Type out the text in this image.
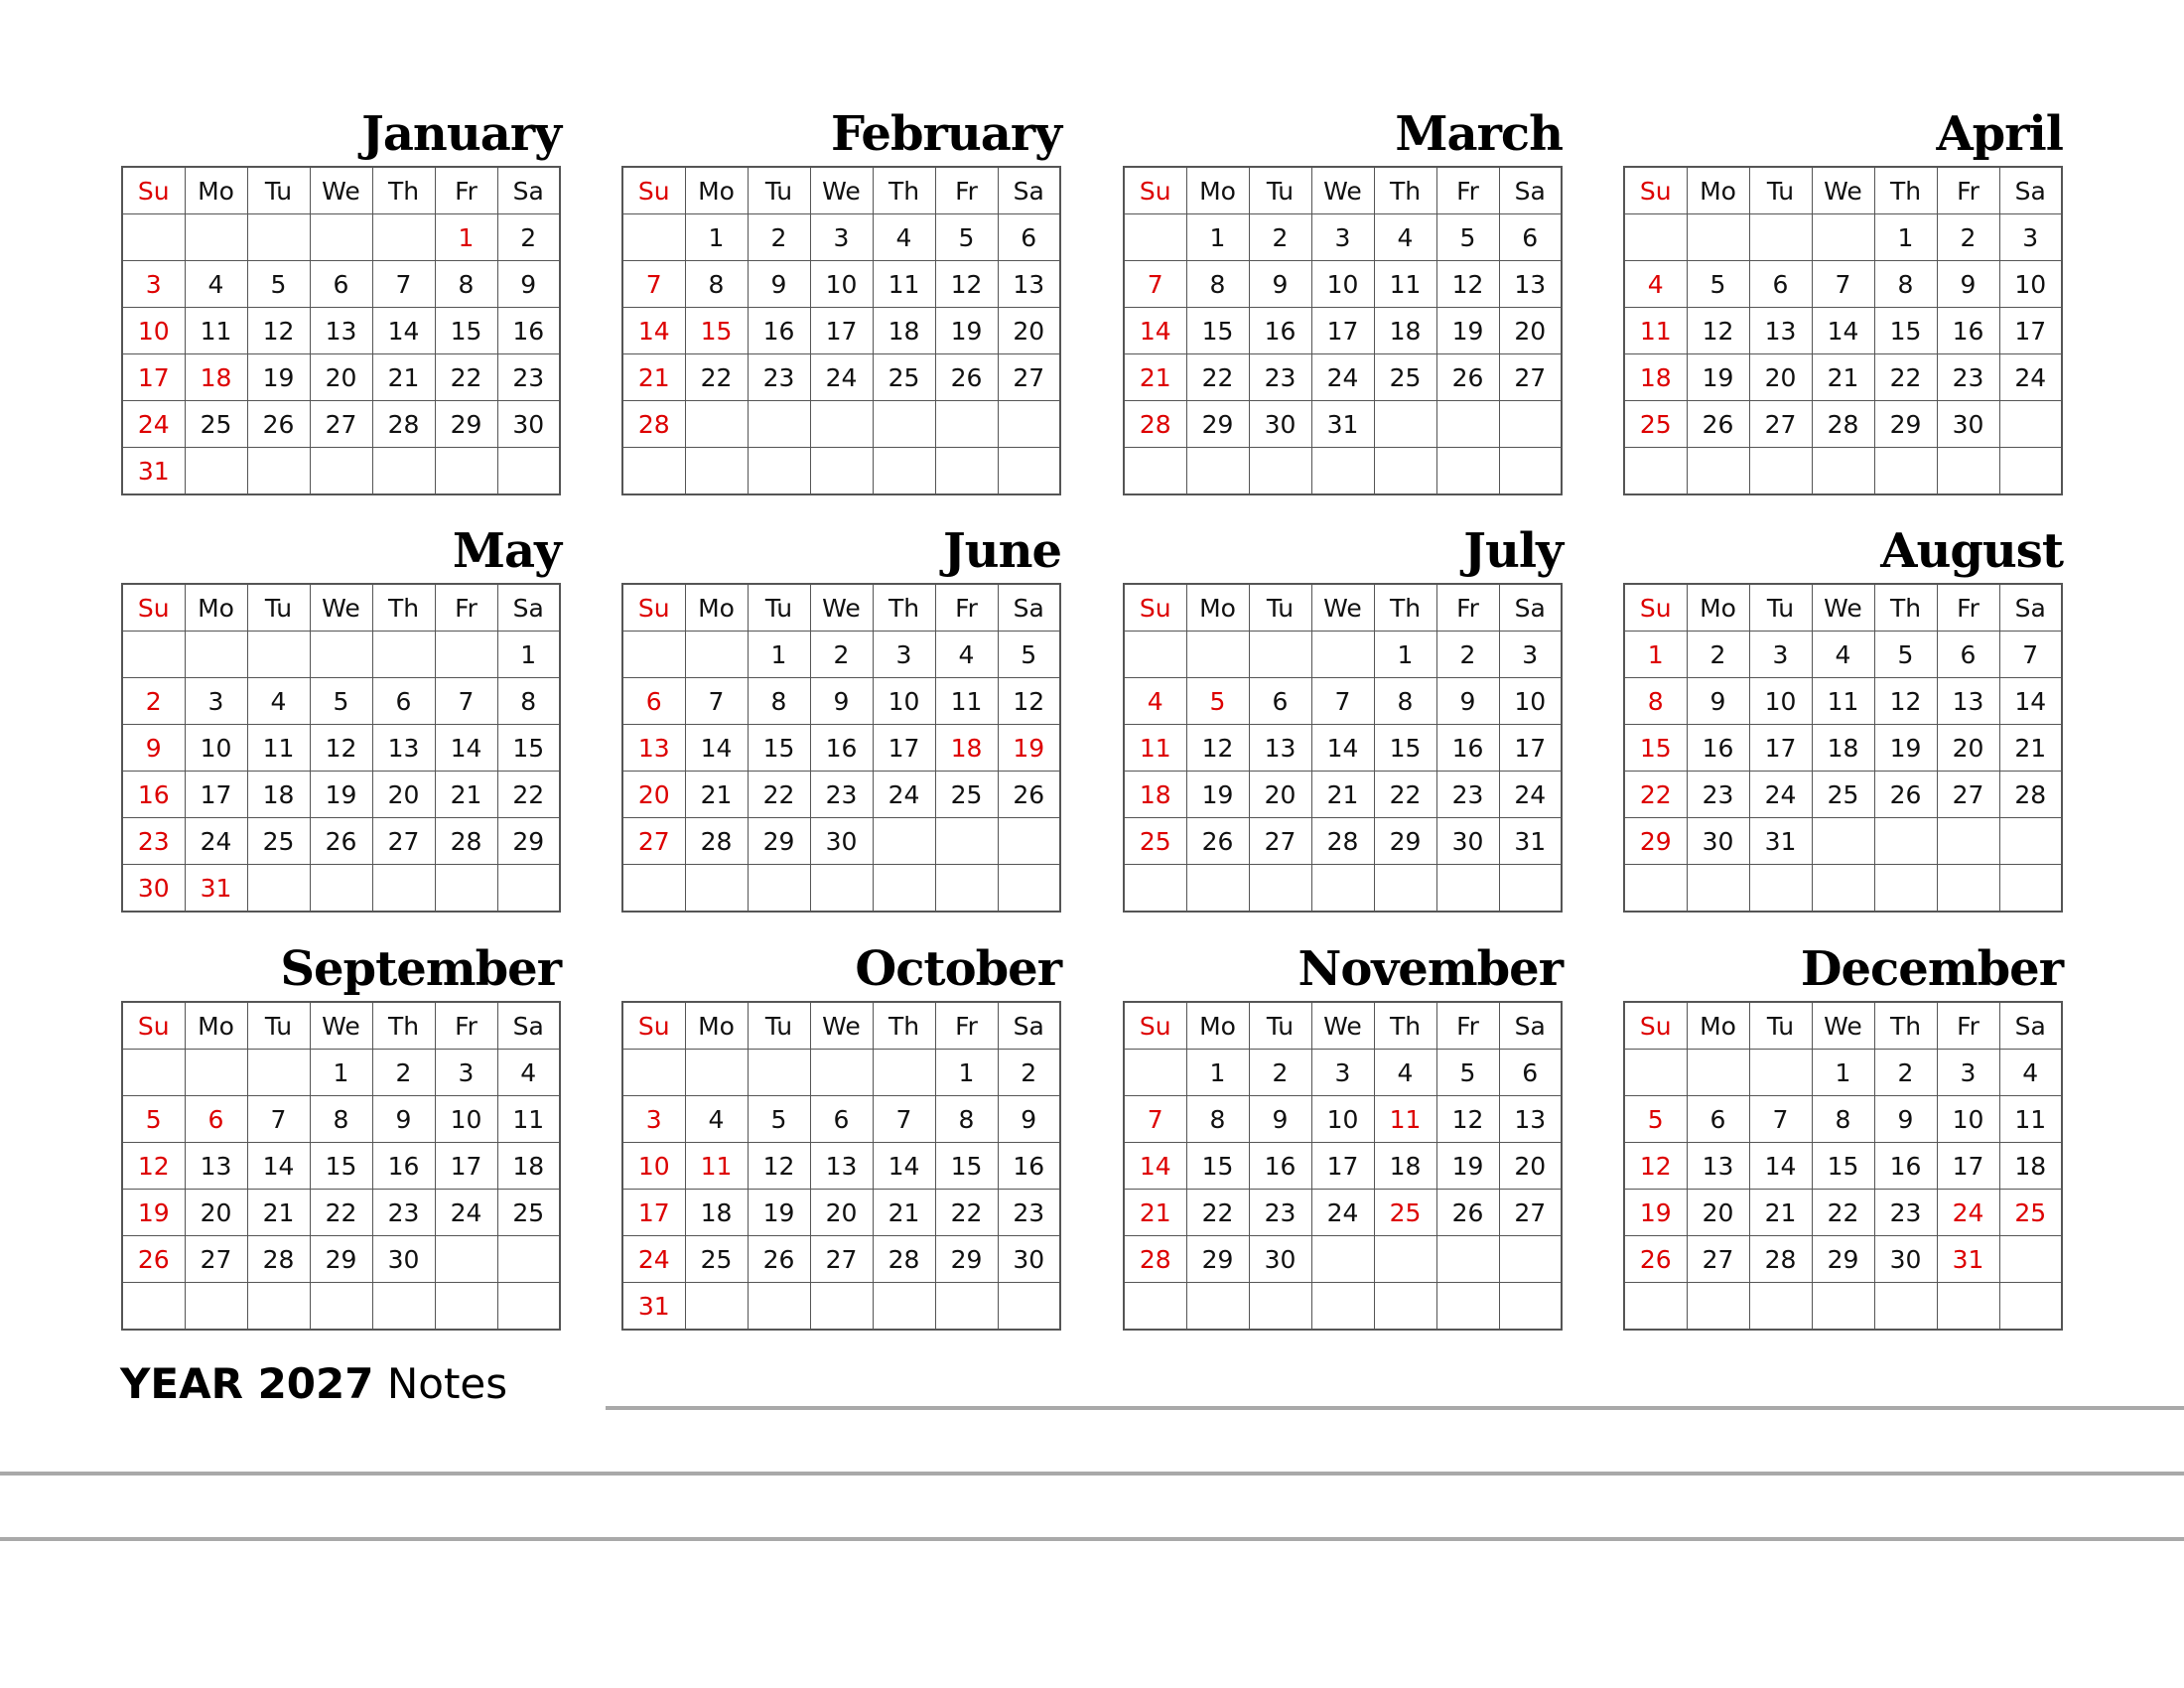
January
Su	Mo	Tu	We	Th	Fr	Sa
					1	2
3	4	5	6	7	8	9
10	11	12	13	14	15	16
17	18	19	20	21	22	23
24	25	26	27	28	29	30
31						
February
Su	Mo	Tu	We	Th	Fr	Sa
	1	2	3	4	5	6
7	8	9	10	11	12	13
14	15	16	17	18	19	20
21	22	23	24	25	26	27
28						

March
Su	Mo	Tu	We	Th	Fr	Sa
	1	2	3	4	5	6
7	8	9	10	11	12	13
14	15	16	17	18	19	20
21	22	23	24	25	26	27
28	29	30	31			

April
Su	Mo	Tu	We	Th	Fr	Sa
				1	2	3
4	5	6	7	8	9	10
11	12	13	14	15	16	17
18	19	20	21	22	23	24
25	26	27	28	29	30	

May
Su	Mo	Tu	We	Th	Fr	Sa
						1
2	3	4	5	6	7	8
9	10	11	12	13	14	15
16	17	18	19	20	21	22
23	24	25	26	27	28	29
30	31					
June
Su	Mo	Tu	We	Th	Fr	Sa
		1	2	3	4	5
6	7	8	9	10	11	12
13	14	15	16	17	18	19
20	21	22	23	24	25	26
27	28	29	30			

July
Su	Mo	Tu	We	Th	Fr	Sa
				1	2	3
4	5	6	7	8	9	10
11	12	13	14	15	16	17
18	19	20	21	22	23	24
25	26	27	28	29	30	31

August
Su	Mo	Tu	We	Th	Fr	Sa
1	2	3	4	5	6	7
8	9	10	11	12	13	14
15	16	17	18	19	20	21
22	23	24	25	26	27	28
29	30	31				

September
Su	Mo	Tu	We	Th	Fr	Sa
			1	2	3	4
5	6	7	8	9	10	11
12	13	14	15	16	17	18
19	20	21	22	23	24	25
26	27	28	29	30		

October
Su	Mo	Tu	We	Th	Fr	Sa
					1	2
3	4	5	6	7	8	9
10	11	12	13	14	15	16
17	18	19	20	21	22	23
24	25	26	27	28	29	30
31						
November
Su	Mo	Tu	We	Th	Fr	Sa
	1	2	3	4	5	6
7	8	9	10	11	12	13
14	15	16	17	18	19	20
21	22	23	24	25	26	27
28	29	30				

December
Su	Mo	Tu	We	Th	Fr	Sa
			1	2	3	4
5	6	7	8	9	10	11
12	13	14	15	16	17	18
19	20	21	22	23	24	25
26	27	28	29	30	31	

YEAR 2027 Notes
